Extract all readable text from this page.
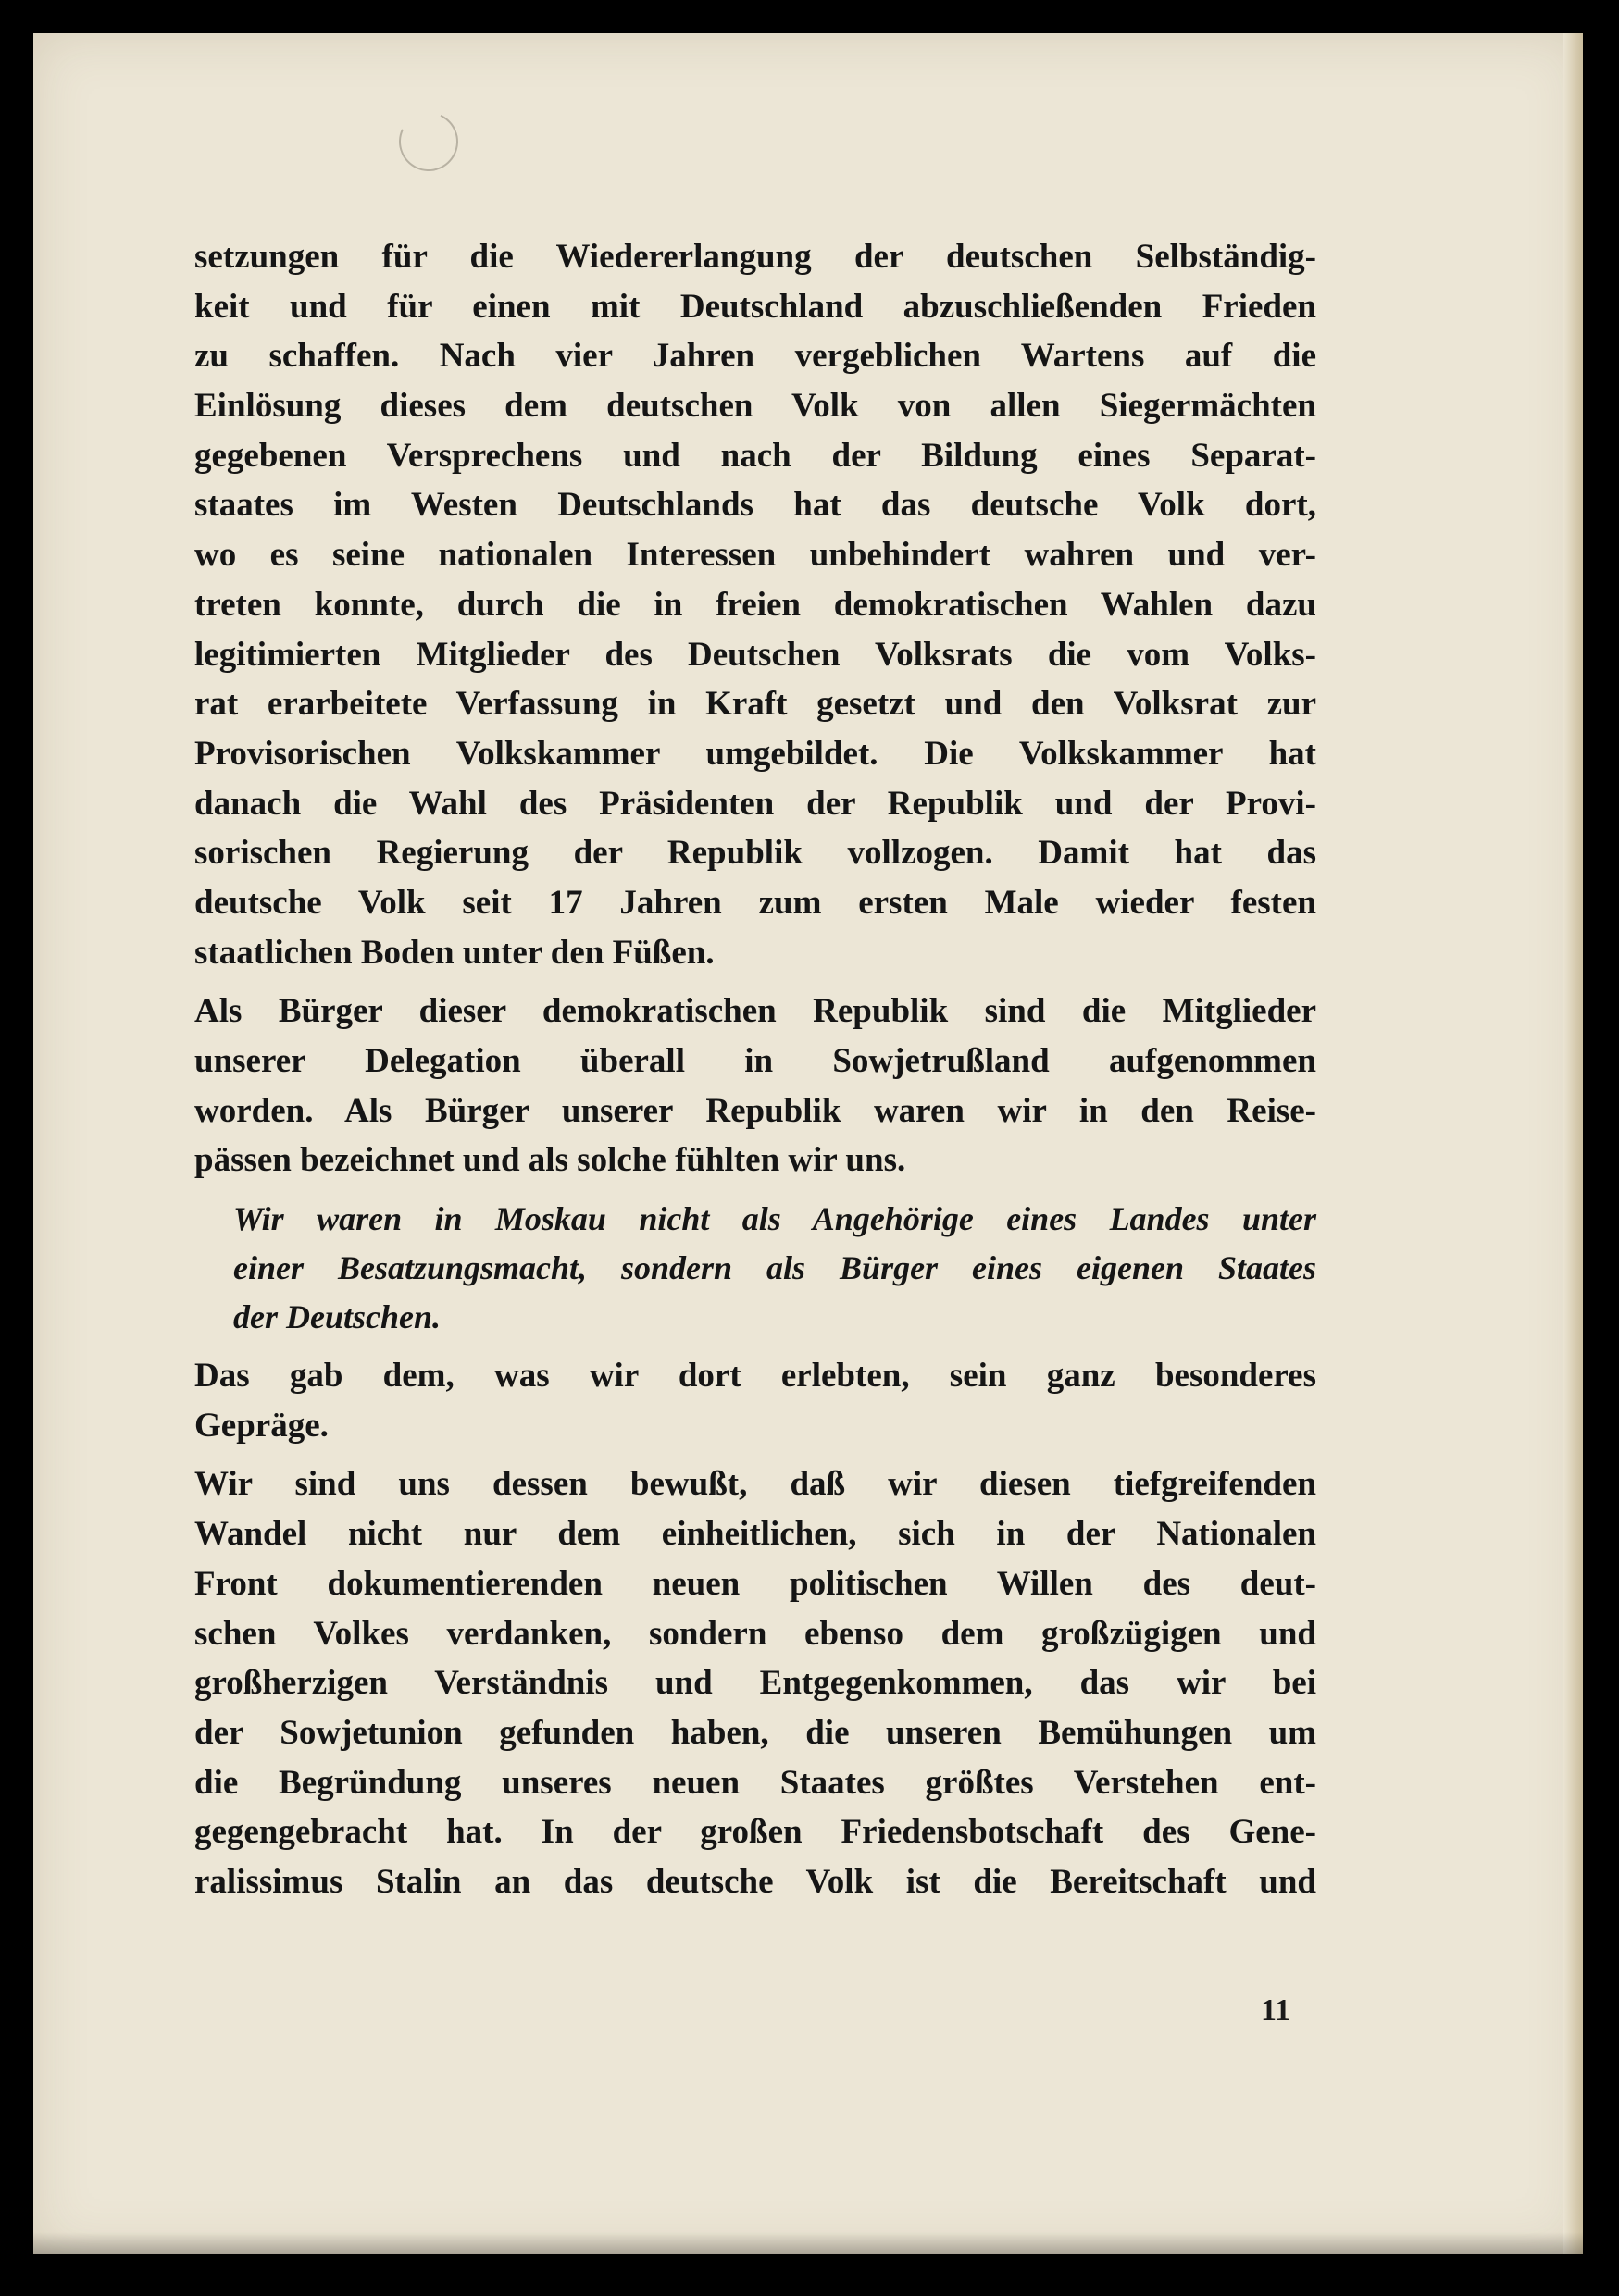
setzungen für die Wiedererlangung der deutschen Selbständig-
keit und für einen mit Deutschland abzuschließenden Frieden
zu schaffen. Nach vier Jahren vergeblichen Wartens auf die
Einlösung dieses dem deutschen Volk von allen Siegermächten
gegebenen Versprechens und nach der Bildung eines Separat-
staates im Westen Deutschlands hat das deutsche Volk dort,
wo es seine nationalen Interessen unbehindert wahren und ver-
treten konnte, durch die in freien demokratischen Wahlen dazu
legitimierten Mitglieder des Deutschen Volksrats die vom Volks-
rat erarbeitete Verfassung in Kraft gesetzt und den Volksrat zur
Provisorischen Volkskammer umgebildet. Die Volkskammer hat
danach die Wahl des Präsidenten der Republik und der Provi-
sorischen Regierung der Republik vollzogen. Damit hat das
deutsche Volk seit 17 Jahren zum ersten Male wieder festen
staatlichen Boden unter den Füßen.
Als Bürger dieser demokratischen Republik sind die Mitglieder
unserer Delegation überall in Sowjetrußland aufgenommen
worden. Als Bürger unserer Republik waren wir in den Reise-
pässen bezeichnet und als solche fühlten wir uns.
Wir waren in Moskau nicht als Angehörige eines Landes unter
einer Besatzungsmacht, sondern als Bürger eines eigenen Staates
der Deutschen.
Das gab dem, was wir dort erlebten, sein ganz besonderes
Gepräge.
Wir sind uns dessen bewußt, daß wir diesen tiefgreifenden
Wandel nicht nur dem einheitlichen, sich in der Nationalen
Front dokumentierenden neuen politischen Willen des deut-
schen Volkes verdanken, sondern ebenso dem großzügigen und
großherzigen Verständnis und Entgegenkommen, das wir bei
der Sowjetunion gefunden haben, die unseren Bemühungen um
die Begründung unseres neuen Staates größtes Verstehen ent-
gegengebracht hat. In der großen Friedensbotschaft des Gene-
ralissimus Stalin an das deutsche Volk ist die Bereitschaft und
11
